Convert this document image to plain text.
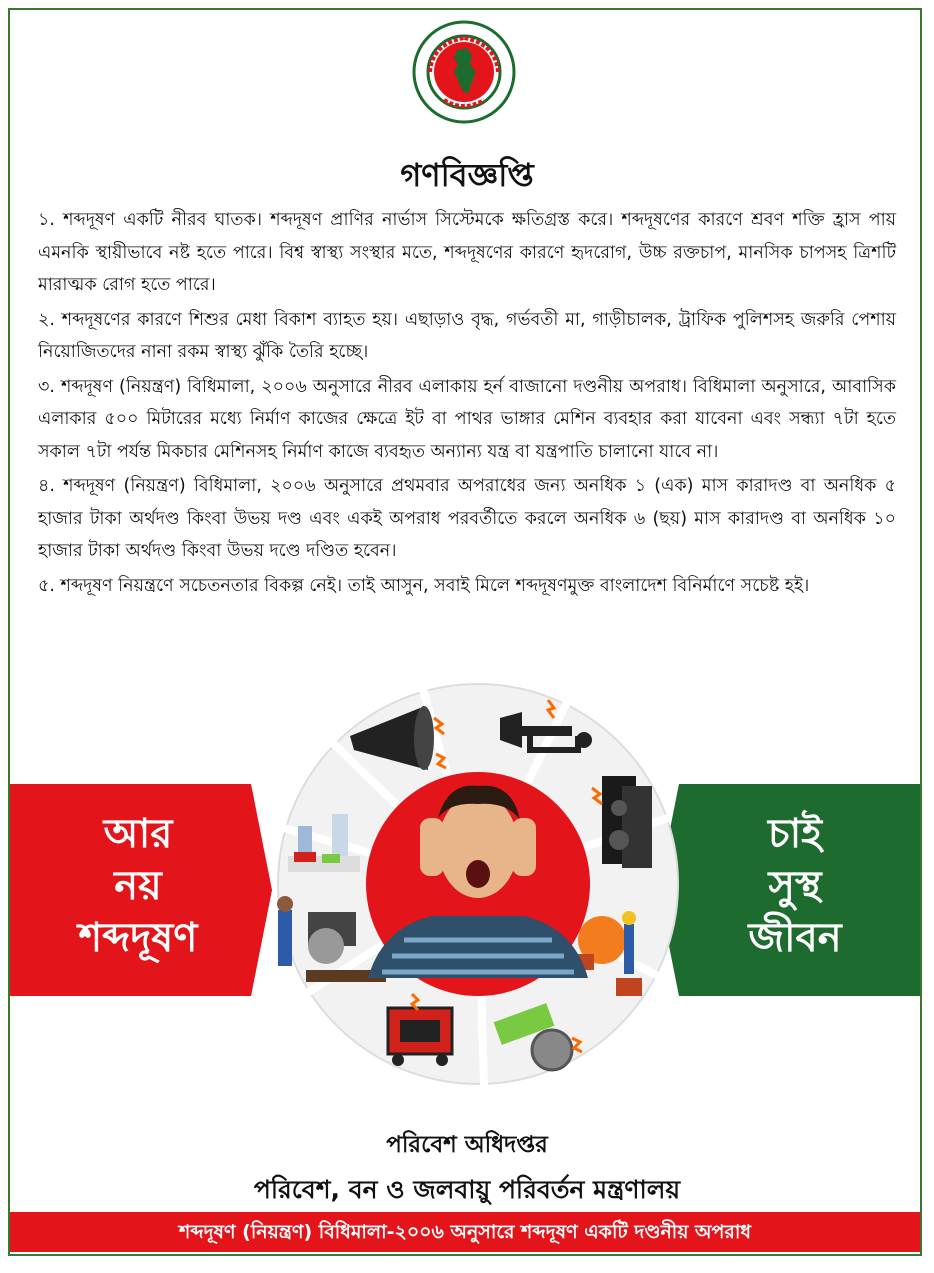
গণবিজ্ঞপ্তি

১. শব্দদূষণ একটি নীরব ঘাতক। শব্দদূষণ প্রাণির নার্ভাস সিস্টেমকে ক্ষতিগ্রস্ত করে। শব্দদূষণের কারণে শ্রবণ শক্তি হ্রাস পায় এমনকি স্থায়ীভাবে নষ্ট হতে পারে। বিশ্ব স্বাস্থ্য সংস্থার মতে, শব্দদূষণের কারণে হৃদরোগ, উচ্চ রক্তচাপ, মানসিক চাপসহ ত্রিশটি মারাত্মক রোগ হতে পারে।

২. শব্দদূষণের কারণে শিশুর মেধা বিকাশ ব্যাহত হয়। এছাড়াও বৃদ্ধ, গর্ভবতী মা, গাড়ীচালক, ট্রাফিক পুলিশসহ জরুরি পেশায় নিয়োজিতদের নানা রকম স্বাস্থ্য ঝুঁকি তৈরি হচ্ছে।

৩. শব্দদূষণ (নিয়ন্ত্রণ) বিধিমালা, ২০০৬ অনুসারে নীরব এলাকায় হর্ন বাজানো দণ্ডনীয় অপরাধ। বিধিমালা অনুসারে, আবাসিক এলাকার ৫০০ মিটারের মধ্যে নির্মাণ কাজের ক্ষেত্রে ইট বা পাথর ভাঙ্গার মেশিন ব্যবহার করা যাবেনা এবং সন্ধ্যা ৭টা হতে সকাল ৭টা পর্যন্ত মিকচার মেশিনসহ নির্মাণ কাজে ব্যবহৃত অন্যান্য যন্ত্র বা যন্ত্রপাতি চালানো যাবে না।

৪. শব্দদূষণ (নিয়ন্ত্রণ) বিধিমালা, ২০০৬ অনুসারে প্রথমবার অপরাধের জন্য অনধিক ১ (এক) মাস কারাদণ্ড বা অনধিক ৫ হাজার টাকা অর্থদণ্ড কিংবা উভয় দণ্ড এবং একই অপরাধ পরবর্তীতে করলে অনধিক ৬ (ছয়) মাস কারাদণ্ড বা অনধিক ১০ হাজার টাকা অর্থদণ্ড কিংবা উভয় দণ্ডে দণ্ডিত হবেন।

৫. শব্দদূষণ নিয়ন্ত্রণে সচেতনতার বিকল্প নেই। তাই আসুন, সবাই মিলে শব্দদূষণমুক্ত বাংলাদেশ বিনির্মাণে সচেষ্ট হই।

আর
নয়
শব্দদূষণ
চাই
সুস্থ
জীবন
পরিবেশ অধিদপ্তর
পরিবেশ, বন ও জলবায়ু পরিবর্তন মন্ত্রণালয়
শব্দদূষণ (নিয়ন্ত্রণ) বিধিমালা-২০০৬ অনুসারে শব্দদূষণ একটি দণ্ডনীয় অপরাধ
